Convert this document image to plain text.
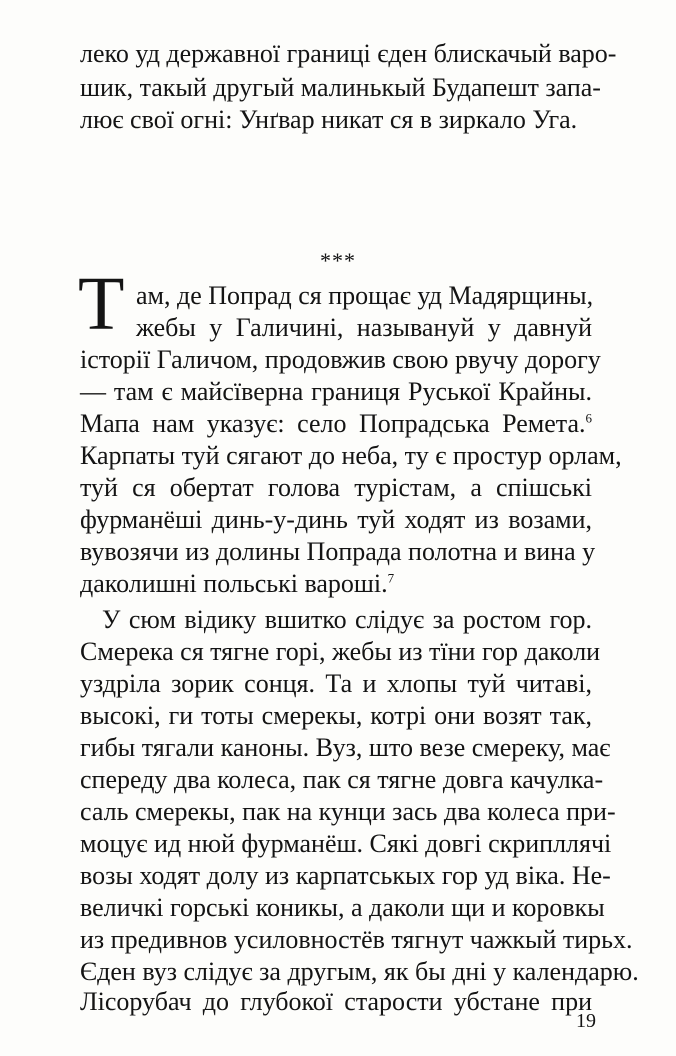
леко уд державної границі єден блискачый варо-
шик, такый другый малинькый Будапешт запа-
лює свої огні: Унґвар никат ся в зиркало Уга.
***
Т ам, де Попрад ся прощає уд Мадярщины,
жебы у Галичині, назывануй у давнуй
історії Галичом, продовжив свою рвучу дорогу
— там є майсїверна границя Руської Крайны.
Мапа нам указує: село Попрадська Ремета.$^6$
Карпаты туй сягают до неба, ту є простур орлам,
туй ся обертат голова турістам, а спішські
фурманёші динь-у-динь туй ходят из возами,
вувозячи из долины Попрада полотна и вина у
даколишні польські вароші.$^7$
У сюм відику вшитко слідує за ростом гор.
Смерека ся тягне горі, жебы из тїни гор даколи
уздріла зорик сонця. Та и хлопы туй читаві,
высокі, ги тоты смерекы, котрі они возят так,
гибы тягали каноны. Вуз, што везе смереку, має
спереду два колеса, пак ся тягне довга качулка-
саль смерекы, пак на кунци зась два колеса при-
моцує ид нюй фурманёш. Сякі довгі скрипллячі
возы ходят долу из карпатськых гор уд віка. Не-
величкі горські коникы, а даколи щи и коровкы
из предивнов усиловностёв тягнут чажкый тирьх.
Єден вуз слідує за другым, як бы дні у календарю.
Лісорубач до глубокої старости убстане при
19
